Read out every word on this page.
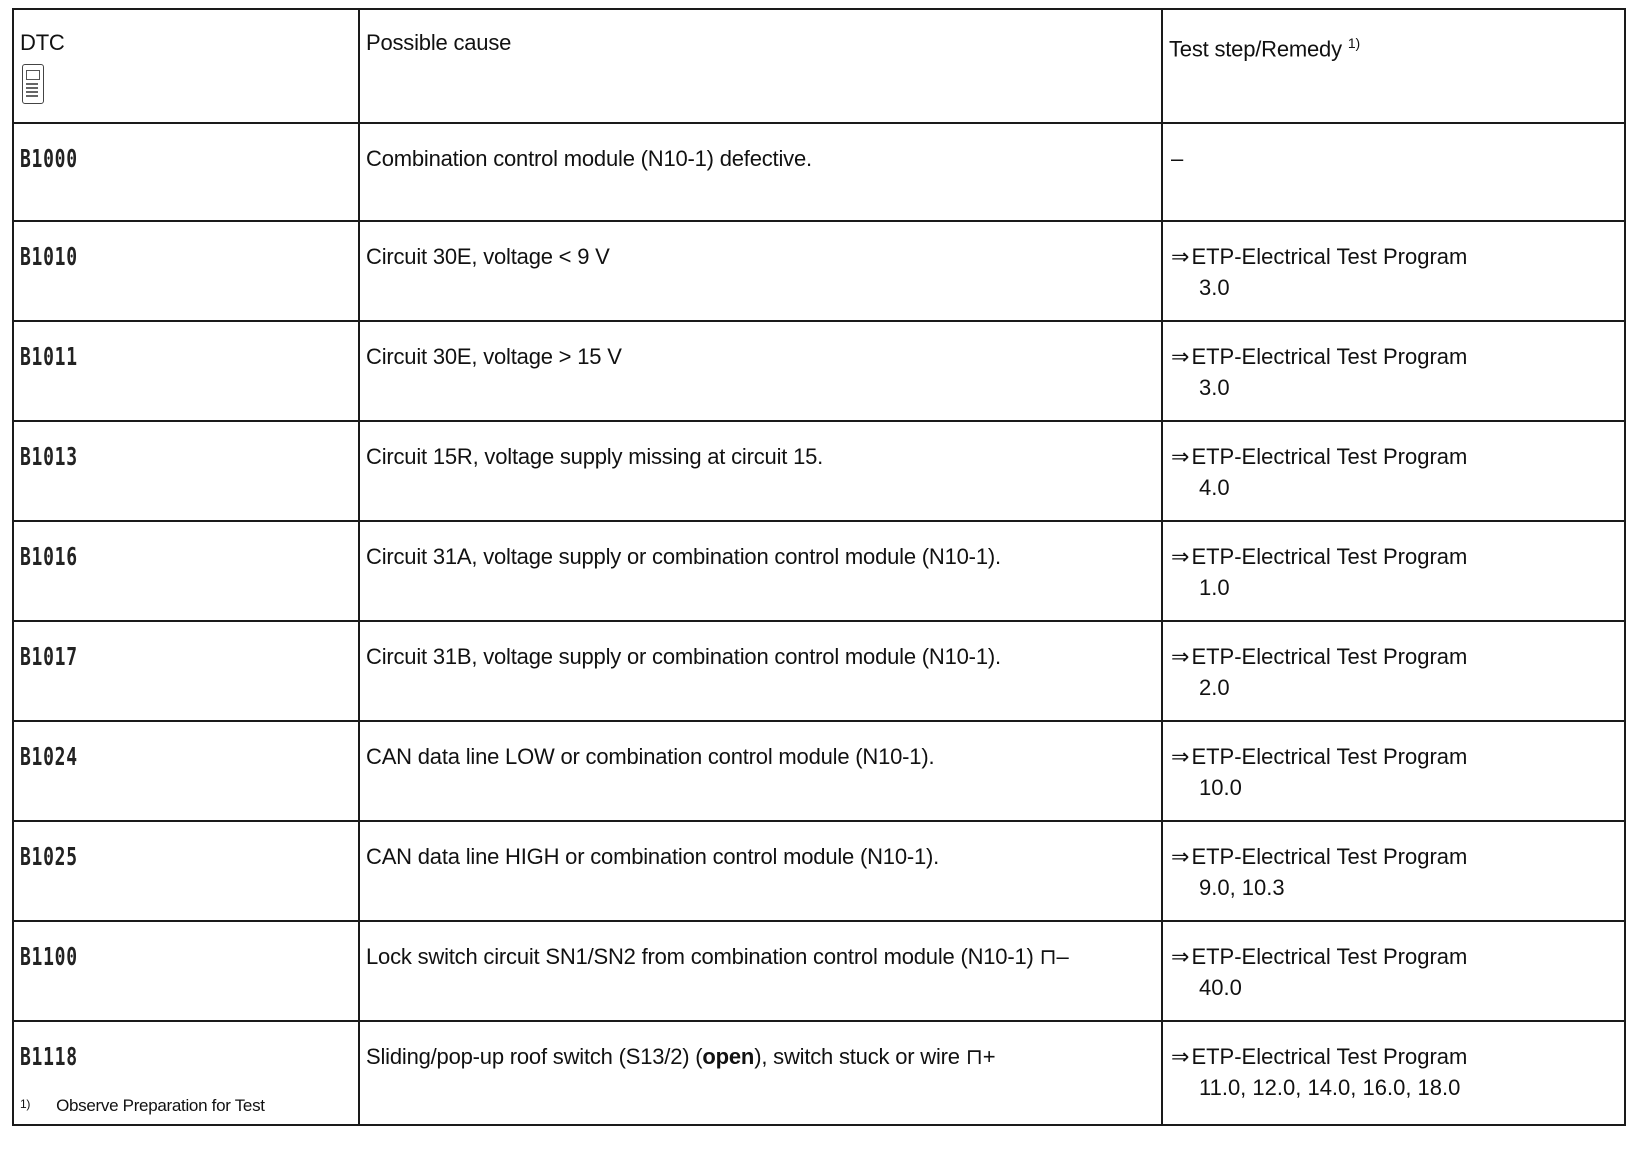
DTC	Possible cause	Test step/Remedy $^{1)}$

B1000	Combination control module (N10-1) defective.	–

B1010	Circuit 30E, voltage < 9 V	⇒ETP-Electrical Test Program
3.0

B1011	Circuit 30E, voltage > 15 V	⇒ETP-Electrical Test Program
3.0

B1013	Circuit 15R, voltage supply missing at circuit 15.	⇒ETP-Electrical Test Program
4.0

B1016	Circuit 31A, voltage supply or combination control module (N10-1).	⇒ETP-Electrical Test Program
1.0

B1017	Circuit 31B, voltage supply or combination control module (N10-1).	⇒ETP-Electrical Test Program
2.0

B1024	CAN data line LOW or combination control module (N10-1).	⇒ETP-Electrical Test Program
10.0

B1025	CAN data line HIGH or combination control module (N10-1).	⇒ETP-Electrical Test Program
9.0, 10.3

B1100	Lock switch circuit SN1/SN2 from combination control module (N10-1) ⊓–	⇒ETP-Electrical Test Program
40.0

B1118	Sliding/pop-up roof switch (S13/2) (open), switch stuck or wire ⊓+	⇒ETP-Electrical Test Program
11.0, 12.0, 14.0, 16.0, 18.0
1) Observe Preparation for Test
